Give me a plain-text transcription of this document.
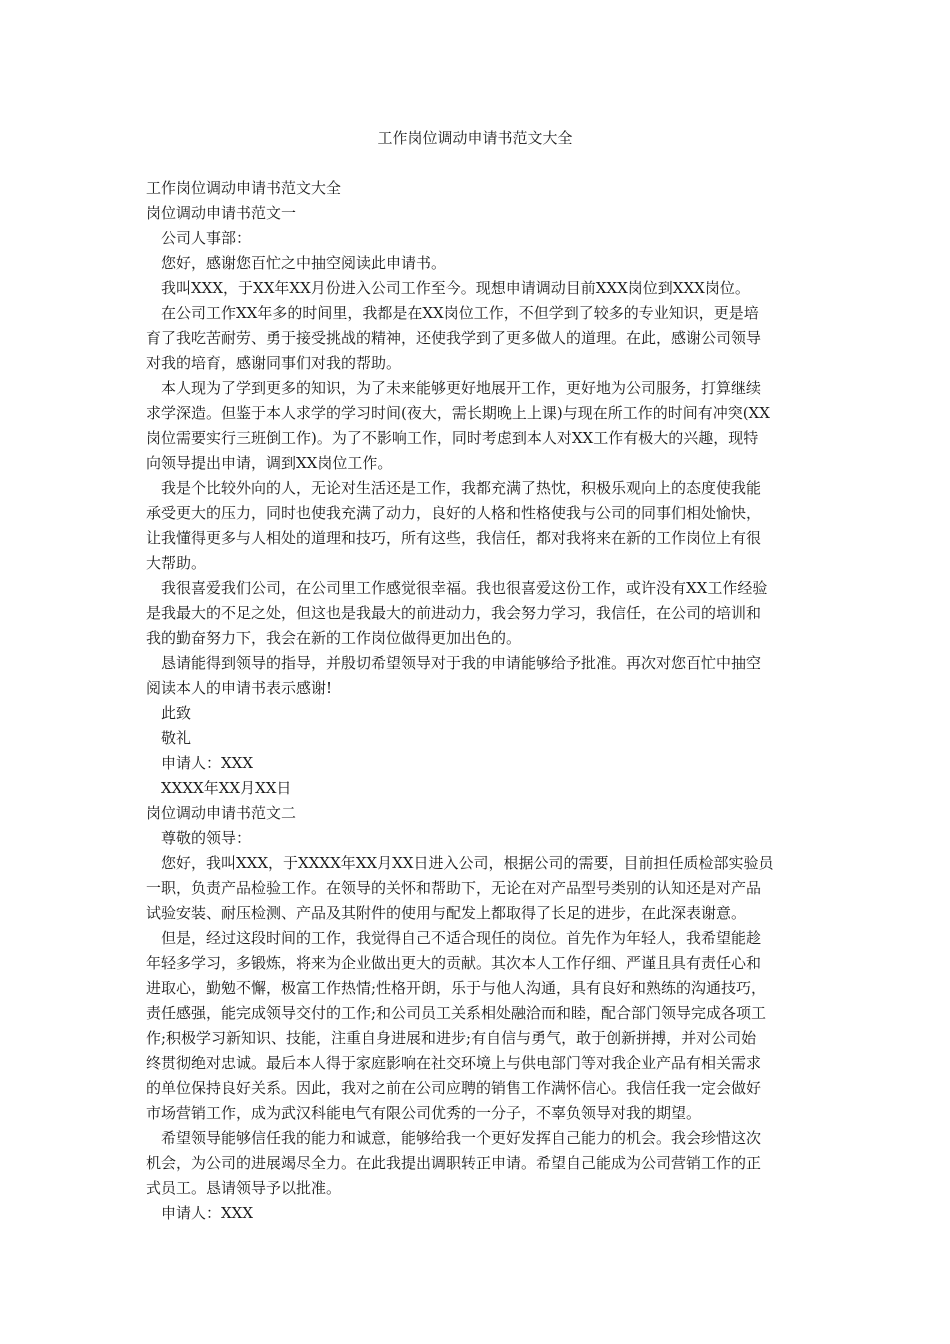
工作岗位调动申请书范文大全
工作岗位调动申请书范文大全
岗位调动申请书范文一
公司人事部：
您好，感谢您百忙之中抽空阅读此申请书。
我叫XXX，于XX年XX月份进入公司工作至今。现想申请调动目前XXX岗位到XXX岗位。
在公司工作XX年多的时间里，我都是在XX岗位工作，不但学到了较多的专业知识，更是培
育了我吃苦耐劳、勇于接受挑战的精神，还使我学到了更多做人的道理。在此，感谢公司领导
对我的培育，感谢同事们对我的帮助。
本人现为了学到更多的知识，为了未来能够更好地展开工作，更好地为公司服务，打算继续
求学深造。但鉴于本人求学的学习时间(夜大，需长期晚上上课)与现在所工作的时间有冲突(XX
岗位需要实行三班倒工作)。为了不影响工作，同时考虑到本人对XX工作有极大的兴趣，现特
向领导提出申请，调到XX岗位工作。
我是个比较外向的人，无论对生活还是工作，我都充满了热忱，积极乐观向上的态度使我能
承受更大的压力，同时也使我充满了动力，良好的人格和性格使我与公司的同事们相处愉快，
让我懂得更多与人相处的道理和技巧，所有这些，我信任，都对我将来在新的工作岗位上有很
大帮助。
我很喜爱我们公司，在公司里工作感觉很幸福。我也很喜爱这份工作，或许没有XX工作经验
是我最大的不足之处，但这也是我最大的前进动力，我会努力学习，我信任，在公司的培训和
我的勤奋努力下，我会在新的工作岗位做得更加出色的。
恳请能得到领导的指导，并殷切希望领导对于我的申请能够给予批准。再次对您百忙中抽空
阅读本人的申请书表示感谢!
此致
敬礼
申请人：XXX
XXXX年XX月XX日
岗位调动申请书范文二
尊敬的领导：
您好，我叫XXX，于XXXX年XX月XX日进入公司，根据公司的需要，目前担任质检部实验员
一职，负责产品检验工作。在领导的关怀和帮助下，无论在对产品型号类别的认知还是对产品
试验安装、耐压检测、产品及其附件的使用与配发上都取得了长足的进步，在此深表谢意。
但是，经过这段时间的工作，我觉得自己不适合现任的岗位。首先作为年轻人，我希望能趁
年轻多学习，多锻炼，将来为企业做出更大的贡献。其次本人工作仔细、严谨且具有责任心和
进取心，勤勉不懈，极富工作热情;性格开朗，乐于与他人沟通，具有良好和熟练的沟通技巧，
责任感强，能完成领导交付的工作;和公司员工关系相处融洽而和睦，配合部门领导完成各项工
作;积极学习新知识、技能，注重自身进展和进步;有自信与勇气，敢于创新拼搏，并对公司始
终贯彻绝对忠诚。最后本人得于家庭影响在社交环境上与供电部门等对我企业产品有相关需求
的单位保持良好关系。因此，我对之前在公司应聘的销售工作满怀信心。我信任我一定会做好
市场营销工作，成为武汉科能电气有限公司优秀的一分子，不辜负领导对我的期望。
希望领导能够信任我的能力和诚意，能够给我一个更好发挥自己能力的机会。我会珍惜这次
机会，为公司的进展竭尽全力。在此我提出调职转正申请。希望自己能成为公司营销工作的正
式员工。恳请领导予以批准。
申请人：XXX
